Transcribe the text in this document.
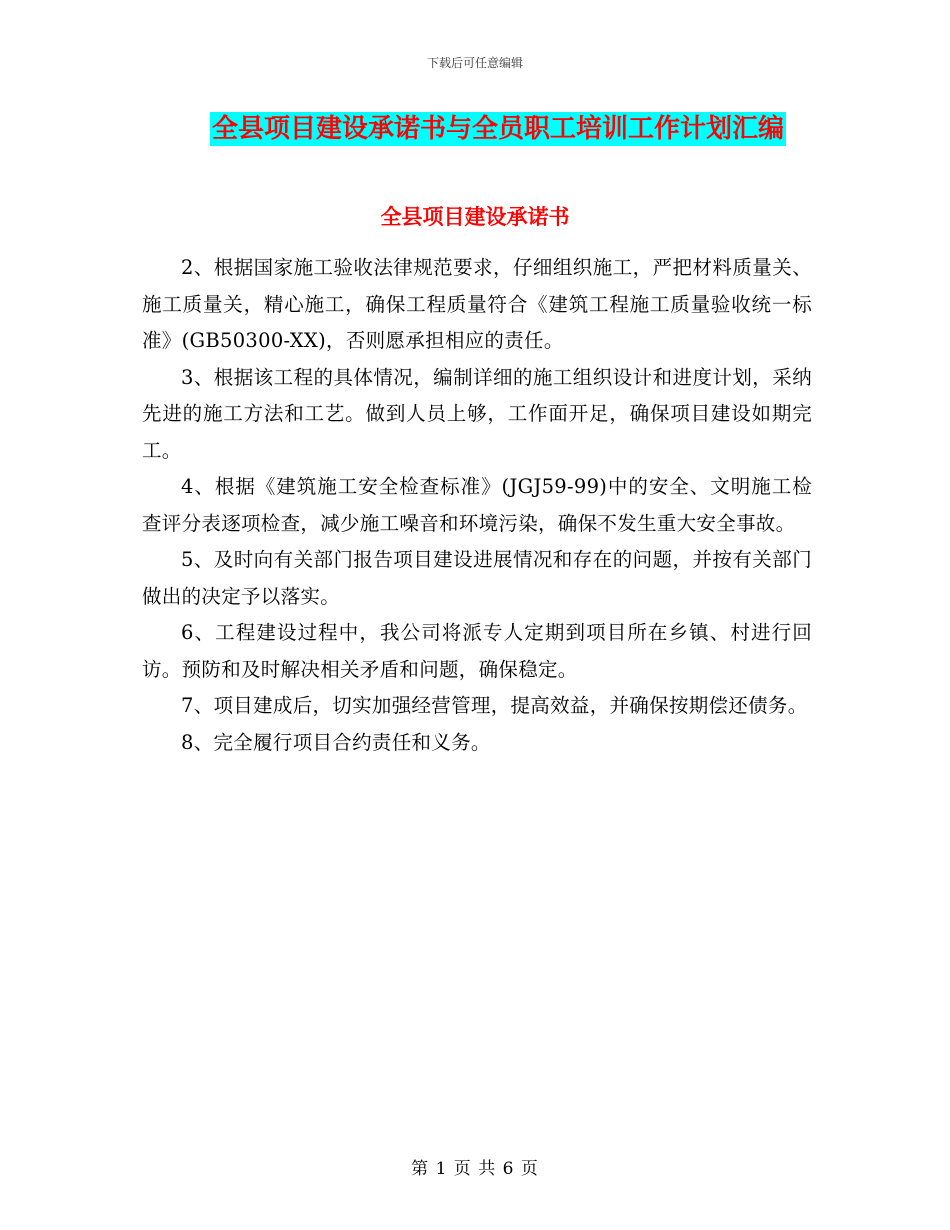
下载后可任意编辑
全县项目建设承诺书与全员职工培训工作计划汇编
全县项目建设承诺书

2、根据国家施工验收法律规范要求，仔细组织施工，严把材料质量关、施工质量关，精心施工，确保工程质量符合《建筑工程施工质量验收统一标准》(GB50300-XX)，否则愿承担相应的责任。

3、根据该工程的具体情况，编制详细的施工组织设计和进度计划，采纳先进的施工方法和工艺。做到人员上够，工作面开足，确保项目建设如期完工。

4、根据《建筑施工安全检查标准》(JGJ59-99)中的安全、文明施工检查评分表逐项检查，减少施工噪音和环境污染，确保不发生重大安全事故。

5、及时向有关部门报告项目建设进展情况和存在的问题，并按有关部门做出的决定予以落实。

6、工程建设过程中，我公司将派专人定期到项目所在乡镇、村进行回访。预防和及时解决相关矛盾和问题，确保稳定。

7、项目建成后，切实加强经营管理，提高效益，并确保按期偿还债务。

8、完全履行项目合约责任和义务。

第 1 页 共 6 页
